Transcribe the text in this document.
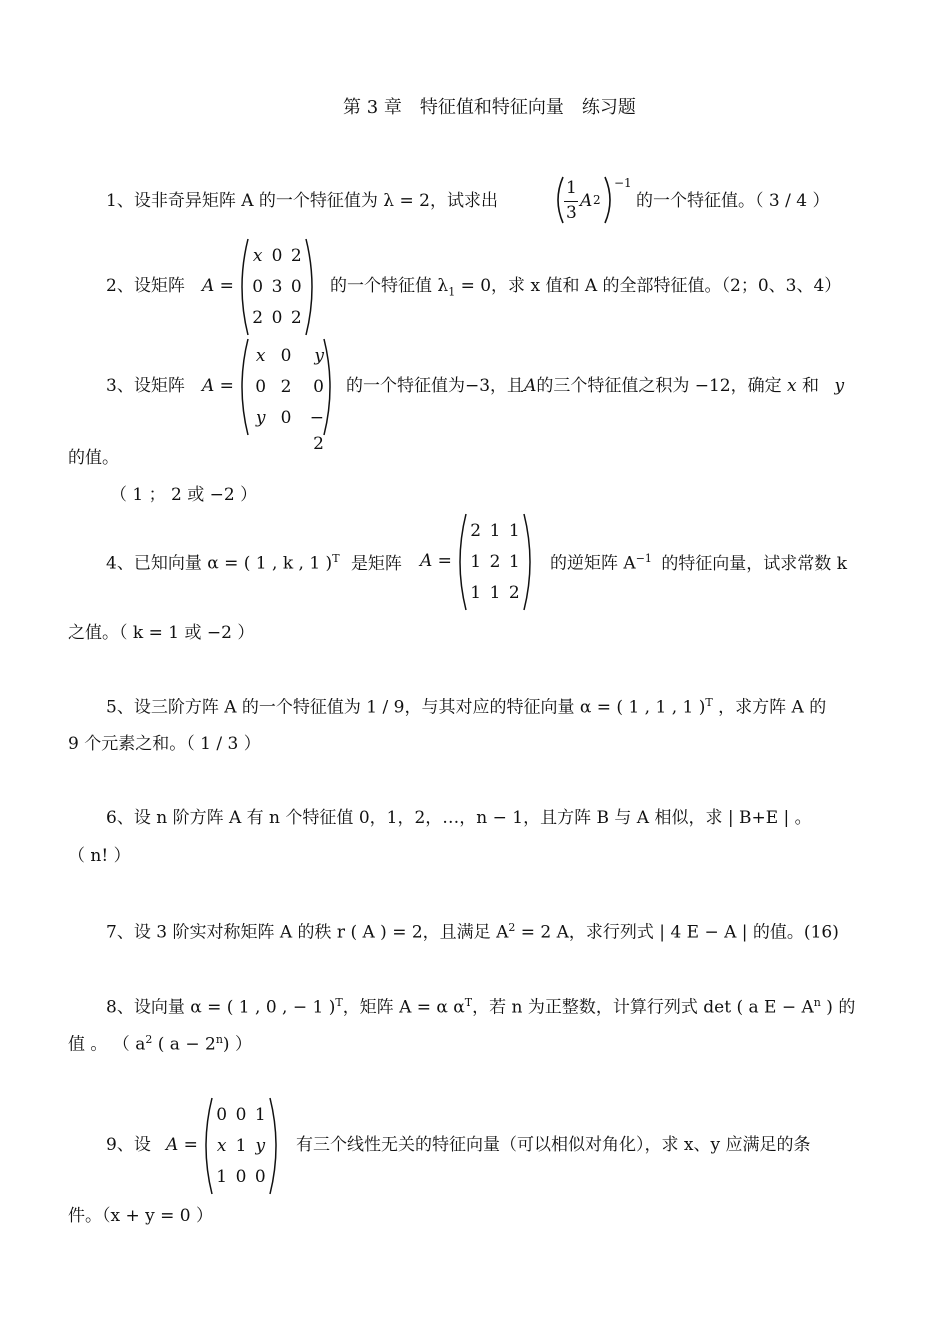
第 3 章　特征值和特征向量　练习题
1、设非奇异矩阵 A 的一个特征值为 λ = 2，试求出
1
3
A 2
−1
的一个特征值。（ 3 / 4 ）
2、设矩阵 A =
x 0 2
0 3 0
2 0 2
的一个特征值 $\lambda_1 = 0$，求 x 值和 A 的全部特征值。（2；0、3、4）
3、设矩阵 A =
x 0	y
0 2	0
y 0	− 2
的一个特征值为−3，且A的三个特征值之积为 −12，确定 x 和 y
的值。
（ 1 ； 2 或 −2 ）
4、已知向量 α = ( 1 , k , 1 )$^T$ 是矩阵 A =
2 1 1
1 2 1
1 1 2
的逆矩阵 $A^{-1}$ 的特征向量，试求常数 k
之值。（ k = 1 或 −2 ）
5、设三阶方阵 A 的一个特征值为 1 / 9，与其对应的特征向量 α = ( 1 , 1 , 1 )$^T$ ，求方阵 A 的
9 个元素之和。（ 1 / 3 ）
6、设 n 阶方阵 A 有 n 个特征值 0，1，2，…，n − 1，且方阵 B 与 A 相似，求 | B+E | 。
（ n! ）
7、设 3 阶实对称矩阵 A 的秩 r ( A ) = 2，且满足 $A^2 = 2$ A，求行列式 | 4 E − A | 的值。(16)
8、设向量 α = ( 1 , 0 , − 1 )$^T$，矩阵 A = α $\alpha^T$，若 n 为正整数，计算行列式 det ( a $E - A^n$ ) 的
值 。 （ $a^2$ ( $a - 2^n$) ）
9、设 A =
0 0 1
x 1 y
1 0 0
有三个线性无关的特征向量（可以相似对角化），求 x、y 应满足的条
件。（x + y = 0 ）
